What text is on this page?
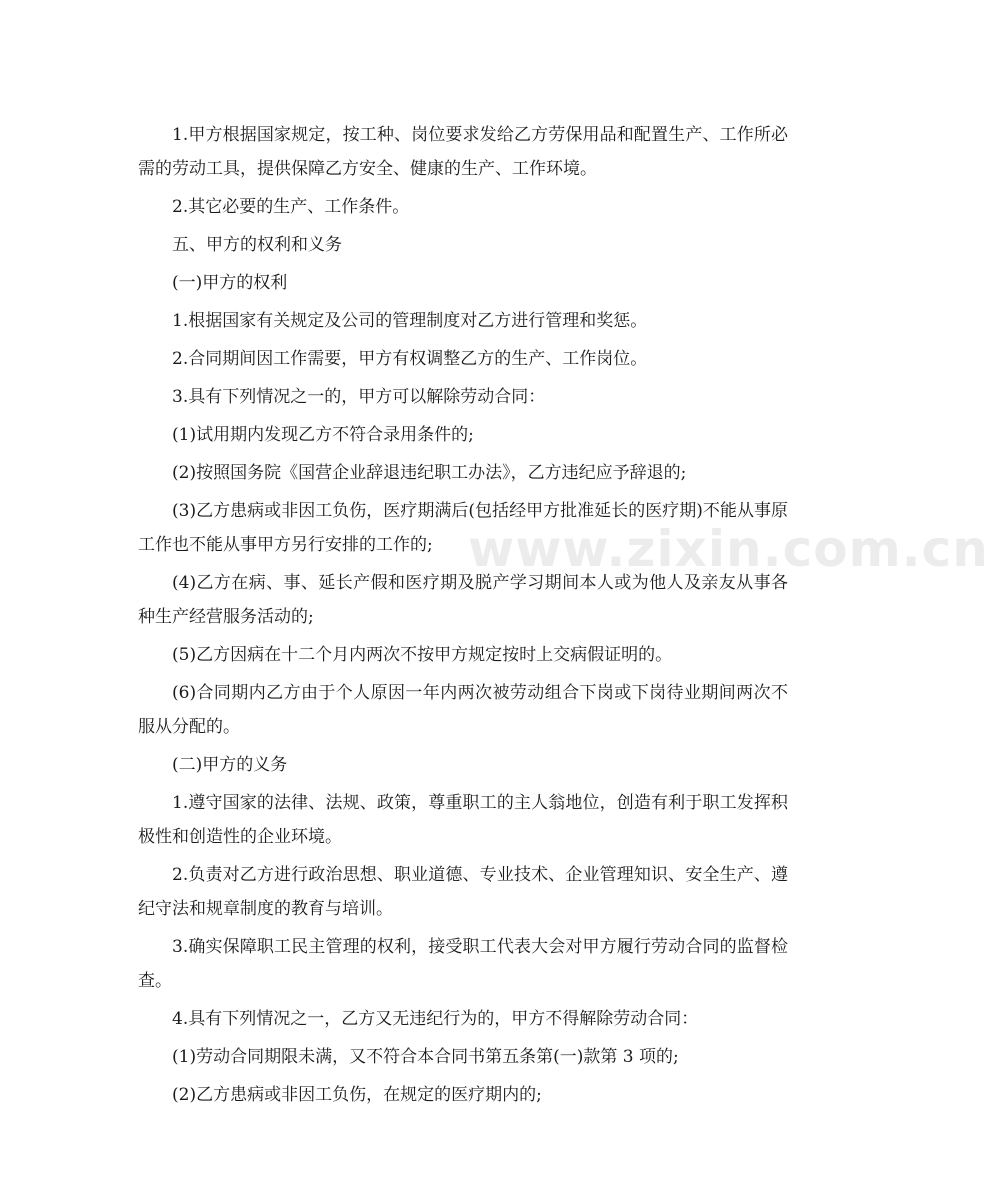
1.甲方根据国家规定，按工种、岗位要求发给乙方劳保用品和配置生产、工作所必需的劳动工具，提供保障乙方安全、健康的生产、工作环境。

2.其它必要的生产、工作条件。

五、甲方的权利和义务

(一)甲方的权利

1.根据国家有关规定及公司的管理制度对乙方进行管理和奖惩。

2.合同期间因工作需要，甲方有权调整乙方的生产、工作岗位。

3.具有下列情况之一的，甲方可以解除劳动合同：

(1)试用期内发现乙方不符合录用条件的;

(2)按照国务院《国营企业辞退违纪职工办法》，乙方违纪应予辞退的;

(3)乙方患病或非因工负伤，医疗期满后(包括经甲方批准延长的医疗期)不能从事原工作也不能从事甲方另行安排的工作的;

(4)乙方在病、事、延长产假和医疗期及脱产学习期间本人或为他人及亲友从事各种生产经营服务活动的;

(5)乙方因病在十二个月内两次不按甲方规定按时上交病假证明的。

(6)合同期内乙方由于个人原因一年内两次被劳动组合下岗或下岗待业期间两次不服从分配的。

(二)甲方的义务

1.遵守国家的法律、法规、政策，尊重职工的主人翁地位，创造有利于职工发挥积极性和创造性的企业环境。

2.负责对乙方进行政治思想、职业道德、专业技术、企业管理知识、安全生产、遵纪守法和规章制度的教育与培训。

3.确实保障职工民主管理的权利，接受职工代表大会对甲方履行劳动合同的监督检查。

4.具有下列情况之一，乙方又无违纪行为的，甲方不得解除劳动合同：

(1)劳动合同期限未满，又不符合本合同书第五条第(一)款第 3 项的;

(2)乙方患病或非因工负伤，在规定的医疗期内的;

www.zixin.com.cn
